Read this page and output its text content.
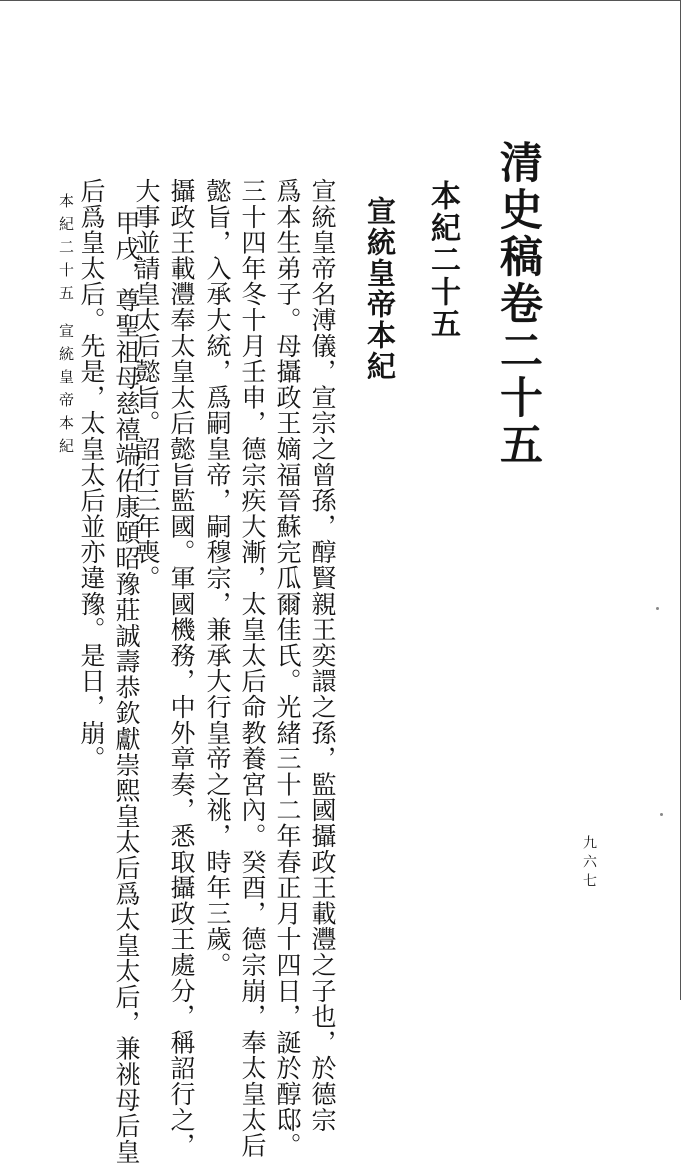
清史稿卷二十五
本紀二十五
宣統皇帝本紀
宣統皇帝名溥儀，宣宗之曾孫，醇賢親王奕譞之孫，監國攝政王載灃之子也，於德宗
爲本生弟子。母攝政王嫡福晉蘇完瓜爾佳氏。光緒三十二年春正月十四日，誕於醇邸。
三十四年冬十月壬申，德宗疾大漸，太皇太后命教養宮內。癸酉，德宗崩，奉太皇太后
懿旨，入承大統，爲嗣皇帝，嗣穆宗，兼承大行皇帝之祧，時年三歲。
攝政王載灃奉太皇太后懿旨監國。軍國機務，中外章奏，悉取攝政王處分，稱詔行之，
大事並請皇太后懿旨。詔行三年喪。
甲戌，尊聖祖母慈禧端佑康頤昭豫莊誠壽恭欽獻崇熙皇太后爲太皇太后，兼祧母后皇
后爲皇太后。先是，太皇太后並亦違豫。是日，崩。
本紀二十五
宣統皇帝本紀
九六七
